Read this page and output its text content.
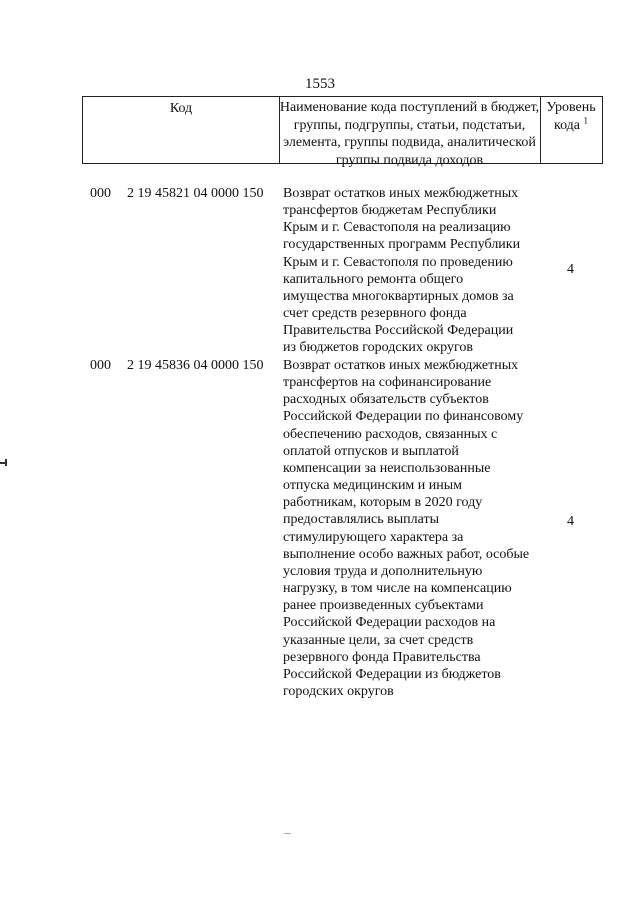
1553
Код	Наименование кода поступлений в бюджет, группы, подгруппы, статьи, подстатьи, элемента, группы подвида, аналитической группы подвида доходов
Уровень
кода $^1$
000 2 19 45821 04 0000 150 Возврат остатков иных межбюджетных
трансфертов бюджетам Республики
Крым и г. Севастополя на реализацию
государственных программ Республики
Крым и г. Севастополя по проведению
капитального ремонта общего
имущества многоквартирных домов за
счет средств резервного фонда
Правительства Российской Федерации
из бюджетов городских округов
4
000 2 19 45836 04 0000 150 Возврат остатков иных межбюджетных
трансфертов на софинансирование
расходных обязательств субъектов
Российской Федерации по финансовому
обеспечению расходов, связанных с
оплатой отпусков и выплатой
компенсации за неиспользованные
отпуска медицинским и иным
работникам, которым в 2020 году
предоставлялись выплаты
стимулирующего характера за
выполнение особо важных работ, особые
условия труда и дополнительную
нагрузку, в том числе на компенсацию
ранее произведенных субъектами
Российской Федерации расходов на
указанные цели, за счет средств
резервного фонда Правительства
Российской Федерации из бюджетов
городских округов
4
